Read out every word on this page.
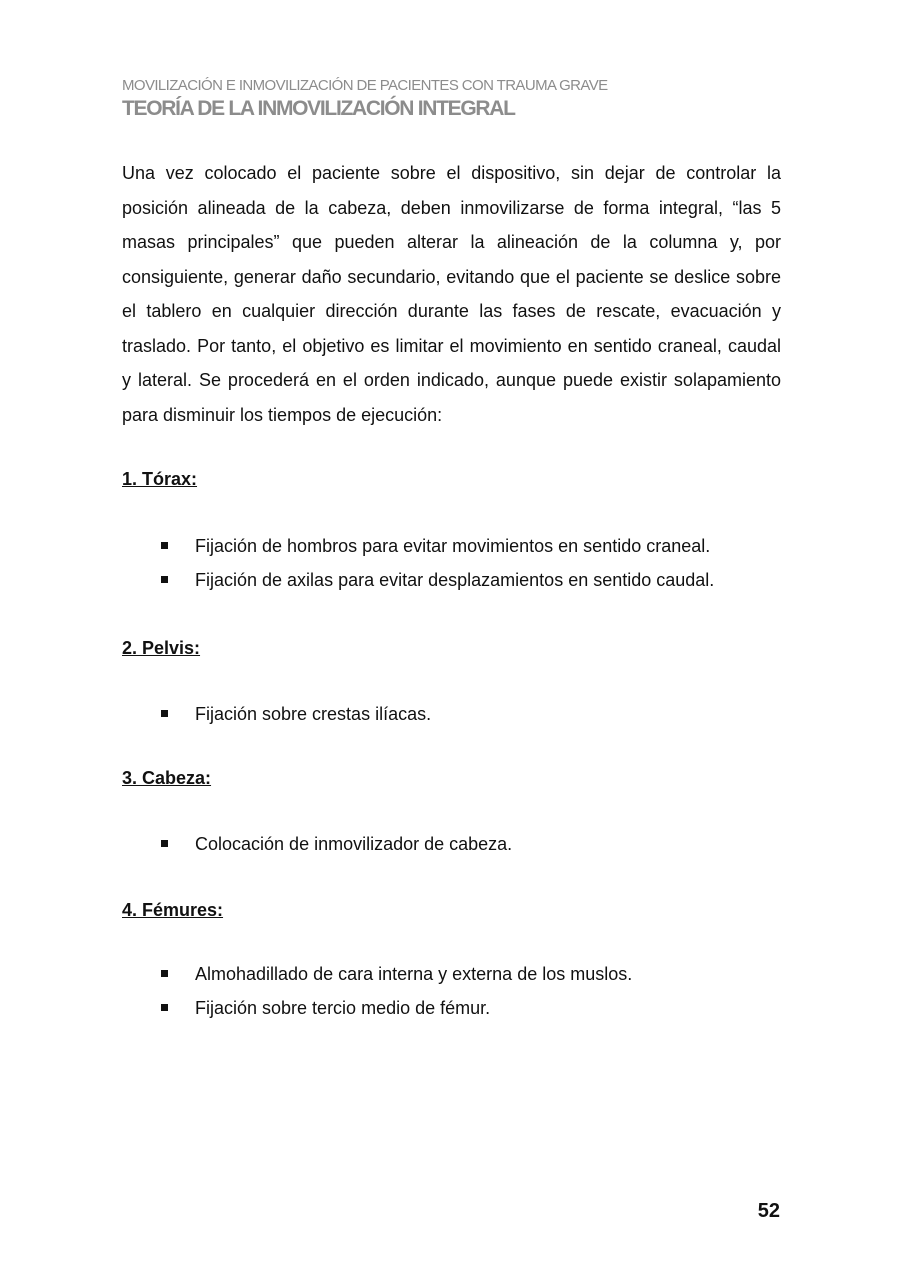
MOVILIZACIÓN E INMOVILIZACIÓN DE PACIENTES CON TRAUMA GRAVE
TEORÍA DE LA INMOVILIZACIÓN INTEGRAL

Una vez colocado el paciente sobre el dispositivo, sin dejar de controlar la posición alineada de la cabeza, deben inmovilizarse de forma integral, “las 5 masas principales” que pueden alterar la alineación de la columna y, por consiguiente, generar daño secundario, evitando que el paciente se deslice sobre el tablero en cualquier dirección durante las fases de rescate, evacuación y traslado. Por tanto, el objetivo es limitar el movimiento en sentido craneal, caudal y lateral. Se procederá en el orden indicado, aunque puede existir solapamiento para disminuir los tiempos de ejecución:

1. Tórax:
Fijación de hombros para evitar movimientos en sentido craneal.
Fijación de axilas para evitar desplazamientos en sentido caudal.
2. Pelvis:
Fijación sobre crestas ilíacas.
3. Cabeza:
Colocación de inmovilizador de cabeza.
4. Fémures:
Almohadillado de cara interna y externa de los muslos.
Fijación sobre tercio medio de fémur.
52
